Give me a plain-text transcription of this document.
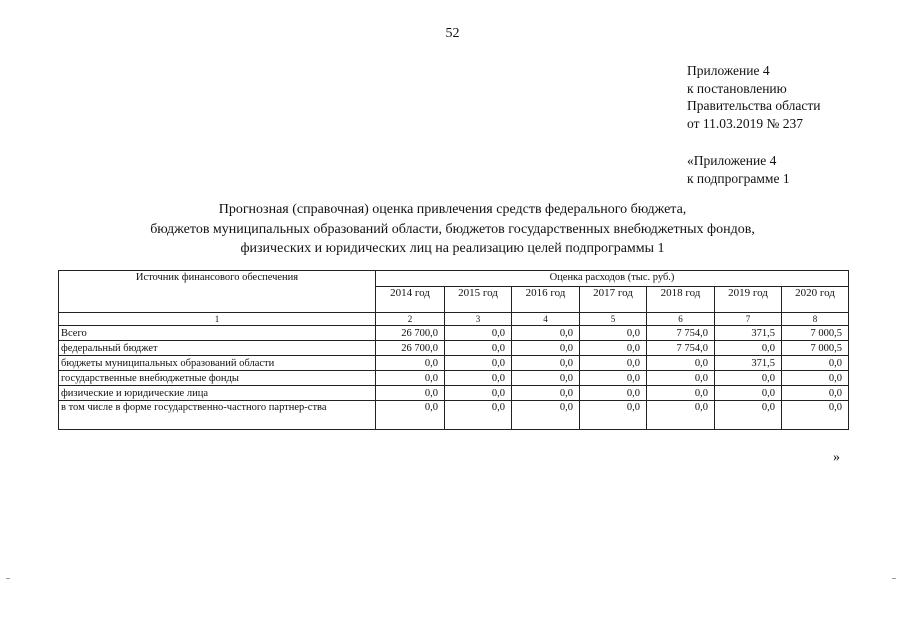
52
Приложение 4
к постановлению
Правительства области
от 11.03.2019 № 237
«Приложение 4
к подпрограмме 1
Прогнозная (справочная) оценка привлечения средств федерального бюджета,
бюджетов муниципальных образований области, бюджетов государственных внебюджетных фондов,
физических и юридических лиц на реализацию целей подпрограммы 1
Источник финансового обеспечения	Оценка расходов (тыс. руб.)						
	2014 год	2015 год	2016 год	2017 год	2018 год	2019 год	2020 год
1	2	3	4	5	6	7	8
Всего	26 700,0	0,0	0,0	0,0	7 754,0	371,5	7 000,5
федеральный бюджет	26 700,0	0,0	0,0	0,0	7 754,0	0,0	7 000,5
бюджеты муниципальных образований области	0,0	0,0	0,0	0,0	0,0	371,5	0,0
государственные внебюджетные фонды	0,0	0,0	0,0	0,0	0,0	0,0	0,0
физические и юридические лица	0,0	0,0	0,0	0,0	0,0	0,0	0,0
в том числе в форме государственно-частного партнер-ства	0,0	0,0	0,0	0,0	0,0	0,0	0,0
»
